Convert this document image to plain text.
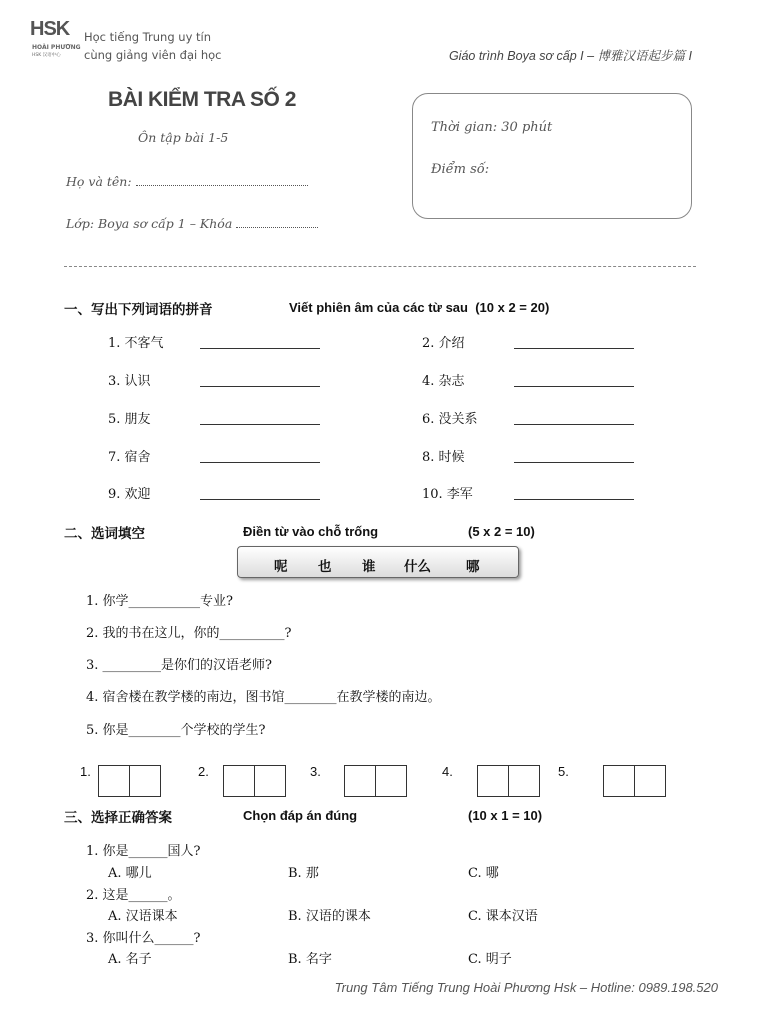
HSK
HOÀI PHƯƠNG
HSK 汉语中心
Học tiếng Trung uy tín
cùng giảng viên đại học	Giáo trình Boya sơ cấp I – 博雅汉语起步篇 I
BÀI KIỂM TRA SỐ 2
Ôn tập bài 1-5
Họ và tên:
Lớp: Boya sơ cấp 1 – Khóa
Thời gian: 30 phút
Điểm số:
一、写出下列词语的拼音	Viết phiên âm của các từ sau (10 x 2 = 20)
1. 不客气	2. 介绍
3. 认识	4. 杂志
5. 朋友	6. 没关系
7. 宿舍	8. 时候
9. 欢迎	10. 李军
二、选词填空	Điền từ vào chỗ trống	(5 x 2 = 10)
呢 也 谁 什么	哪
1. 你学___________专业?
2. 我的书在这儿，你的__________?
3. _________是你们的汉语老师?
4. 宿舍楼在教学楼的南边，图书馆________在教学楼的南边。
5. 你是________个学校的学生?
1.	2.	3.	4.	5.
三、选择正确答案	Chọn đáp án đúng	(10 x 1 = 10)
1. 你是______国人?
A. 哪儿	B. 那	C. 哪
2. 这是______。
A. 汉语课本	B. 汉语的课本	C. 课本汉语
3. 你叫什么______?
A. 名子	B. 名字	C. 明子
Trung Tâm Tiếng Trung Hoài Phương Hsk – Hotline: 0989.198.520
